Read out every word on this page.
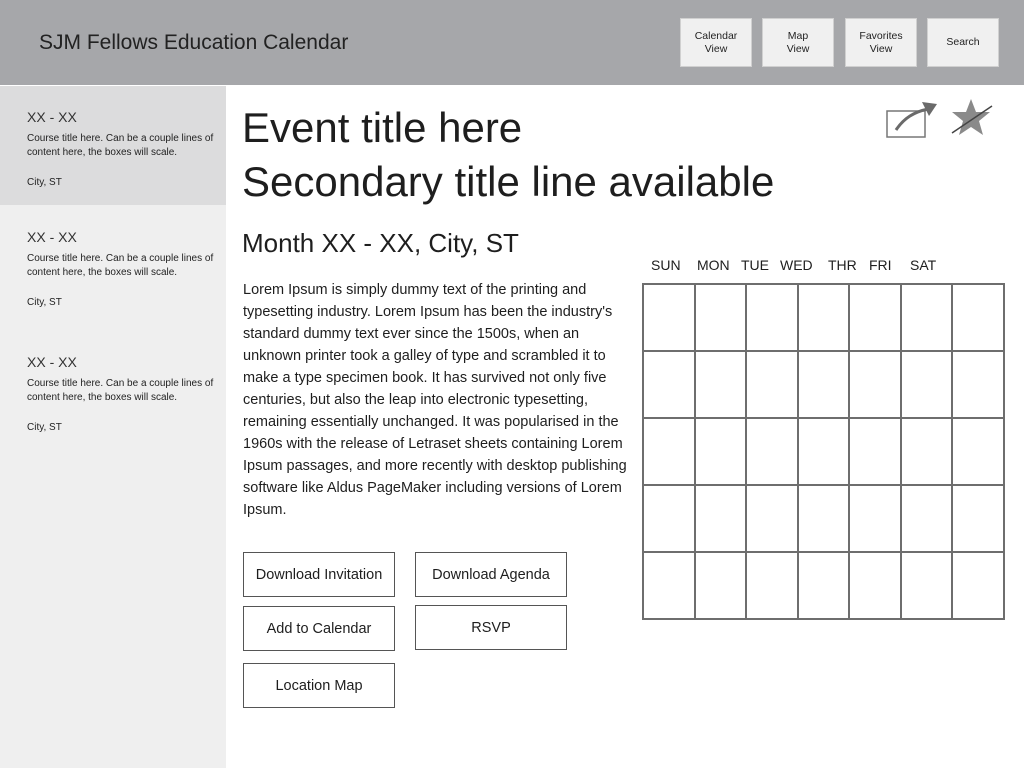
SJM Fellows Education Calendar	Calendar
View
Map
View
Favorites
View
Search
XX - XX
Course title here. Can be a couple lines of content here, the boxes will scale.
City, ST
XX - XX
Course title here. Can be a couple lines of content here, the boxes will scale.
City, ST
XX - XX
Course title here. Can be a couple lines of content here, the boxes will scale.
City, ST
Event title here
Secondary title line available
Month XX - XX, City, ST
Lorem Ipsum is simply dummy text of the printing and typesetting industry. Lorem Ipsum has been the industry's standard dummy text ever since the 1500s, when an unknown printer took a galley of type and scrambled it to make a type specimen book. It has survived not only five centuries, but also the leap into electronic typesetting, remaining essentially unchanged. It was popularised in the 1960s with the release of Letraset sheets containing Lorem Ipsum passages, and more recently with desktop publishing software like Aldus PageMaker including versions of Lorem Ipsum.
Download Invitation	Download Agenda
Add to Calendar	RSVP
Location Map
SUN MON TUE WED THR FRI SAT
